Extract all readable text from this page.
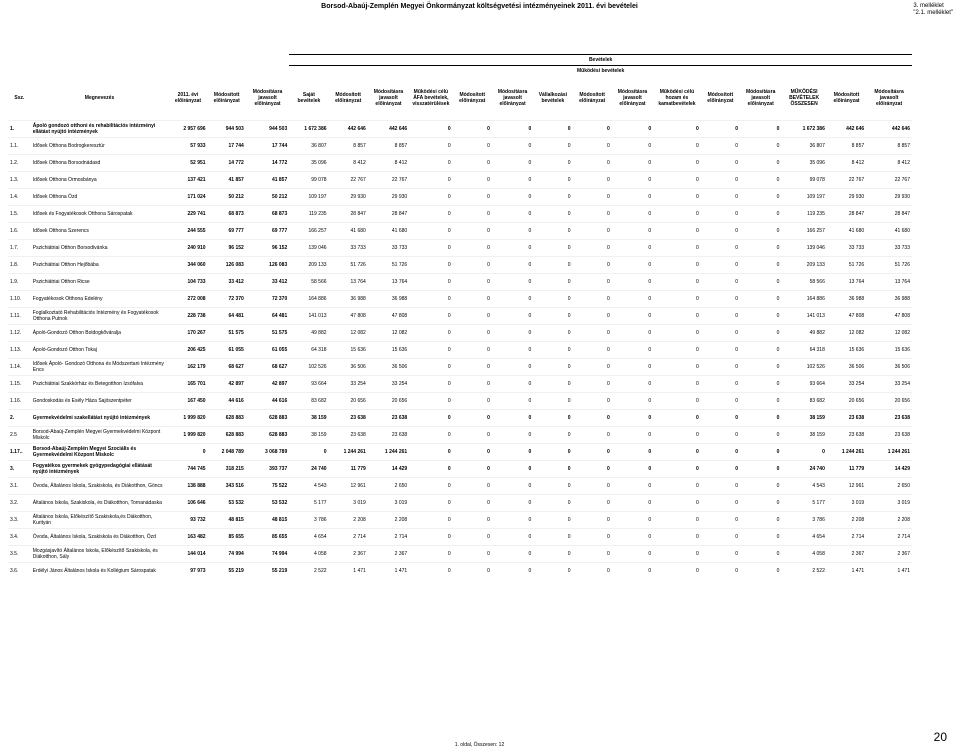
Borsod-Abaúj-Zemplén Megyei Önkormányzat költségvetési intézményeinek 2011. évi bevételei	3. melléklet
"2.1. melléklet"
					Bevételek														
					Működési bevételek														
Ssz.	Megnevezés	2011. évi előirányzat	Módosított előirányzat	Módosításra javasolt előirányzat	Saját bevételek	Módosított előirányzat	Módosításra javasolt előirányzat	Működési célú ÁFA bevételek, visszatérülések	Módosított előirányzat	Módosításra javasolt előirányzat	Vállalkozási bevételek	Módosított előirányzat	Módosításra javasolt előirányzat	Működési célú hozam és kamatbevételek	Módosított előirányzat	Módosításra javasolt előirányzat	MŰKÖDÉSI BEVÉTELEK ÖSSZESEN	Módosított előirányzat	Módosításra javasolt előirányzat
1.	Ápoló gondozó otthoni és rehabilitációs intézményi ellátást nyújtó intézmények	2 957 696	944 503	944 503	1 672 386	442 646	442 646	0	0	0	0	0	0	0	0	0	1 672 386	442 646	442 646
1.1.	Idősek Otthona Bodrogkeresztúr	57 933	17 744	17 744	36 807	8 857	8 857	0	0	0	0	0	0	0	0	0	36 807	8 857	8 857
1.2.	Idősek Otthona Borsodnádasd	52 951	14 772	14 772	35 096	8 412	8 412	0	0	0	0	0	0	0	0	0	35 096	8 412	8 412
1.3.	Idősek Otthona Ormosbánya	137 421	41 857	41 857	99 078	22 767	22 767	0	0	0	0	0	0	0	0	0	99 078	22 767	22 767
1.4.	Idősek Otthona Ózd	171 024	50 212	50 212	109 197	29 930	29 930	0	0	0	0	0	0	0	0	0	109 197	29 930	29 930
1.5.	Idősek és Fogyatékosok Otthona Sárospatak	229 741	68 873	68 873	119 235	28 847	28 847	0	0	0	0	0	0	0	0	0	119 235	28 847	28 847
1.6.	Idősek Otthona Szerencs	244 555	69 777	69 777	166 257	41 680	41 680	0	0	0	0	0	0	0	0	0	166 257	41 680	41 680
1.7.	Pszichiátriai Otthon Borsodivánka	240 910	96 152	96 152	139 046	33 733	33 733	0	0	0	0	0	0	0	0	0	139 046	33 733	33 733
1.8.	Pszichiátriai Otthon Hejőbába	344 060	126 083	126 083	209 133	51 726	51 726	0	0	0	0	0	0	0	0	0	209 133	51 726	51 726
1.9.	Pszichiátriai Otthon Ricse	104 733	33 412	33 412	58 566	13 764	13 764	0	0	0	0	0	0	0	0	0	58 566	13 764	13 764
1.10.	Fogyatékosok Otthona Edelény	272 008	72 370	72 370	164 886	36 988	36 988	0	0	0	0	0	0	0	0	0	164 886	36 988	36 988
1.11.	Foglalkoztató Rehabilitációs Intézmény és Fogyatékosok Otthona Putnok	228 738	64 481	64 481	141 013	47 808	47 808	0	0	0	0	0	0	0	0	0	141 013	47 808	47 808
1.12.	Ápoló-Gondozó Otthon Boldogkőváralja	170 267	51 575	51 575	49 882	12 082	12 082	0	0	0	0	0	0	0	0	0	49 882	12 082	12 082
1.13.	Ápoló-Gondozó Otthon Tokaj	206 425	61 055	61 055	64 318	15 636	15 636	0	0	0	0	0	0	0	0	0	64 318	15 636	15 636
1.14.	Idősek Ápoló- Gondozó Otthona és Módszertani Intézmény Encs	162 179	68 627	68 627	102 526	36 506	36 506	0	0	0	0	0	0	0	0	0	102 526	36 506	36 506
1.15.	Pszichiátriai Szakkórház és Betegotthon Izsófalva	165 701	42 897	42 897	93 664	33 254	33 254	0	0	0	0	0	0	0	0	0	93 664	33 254	33 254
1.16.	Gondoskodás és Esély Háza Sajószentpéter	167 450	44 616	44 616	83 682	20 656	20 656	0	0	0	0	0	0	0	0	0	83 682	20 656	20 656
2.	Gyermekvédelmi szakellátást nyújtó intézmények	1 999 820	628 883	628 883	38 159	23 638	23 638	0	0	0	0	0	0	0	0	0	38 159	23 638	23 638
2.5	Borsod-Abaúj-Zemplén Megyei Gyermekvédelmi Központ Miskolc	1 999 820	628 883	628 883	38 159	23 638	23 638	0	0	0	0	0	0	0	0	0	38 159	23 638	23 638
1.17..	Borsod-Abaúj-Zemplén Megyei Szociális és Gyermekvédelmi Központ Miskolc	0	2 048 789	3 068 789	0	1 244 261	1 244 261	0	0	0	0	0	0	0	0	0	0	1 244 261	1 244 261
3.	Fogyatékos gyermekek gyógypedagógiai ellátását nyújtó intézmények	744 745	318 215	393 737	24 740	11 779	14 429	0	0	0	0	0	0	0	0	0	24 740	11 779	14 429
3.1.	Óvoda, Általános Iskola, Szakiskola, és Diákotthon, Göncs	138 888	343 516	75 522	4 543	12 961	2 650	0	0	0	0	0	0	0	0	0	4 543	12 961	2 650
3.2.	Általános Iskola, Szakiskola, és Diákotthon, Tornanádaska	106 646	53 532	53 532	5 177	3 019	3 019	0	0	0	0	0	0	0	0	0	5 177	3 019	3 019
3.3.	Általános Iskola, Előkészítő Szakiskola,és Diákotthon, Kurityán	93 732	48 815	48 815	3 786	2 208	2 208	0	0	0	0	0	0	0	0	0	3 786	2 208	2 208
3.4.	Óvoda, Általános Iskola, Szakiskola és Diákotthon, Ózd	163 482	85 655	85 655	4 654	2 714	2 714	0	0	0	0	0	0	0	0	0	4 654	2 714	2 714
3.5.	Mozgásjavító Általános Iskola, Előkészítő Szakiskola, és Diákotthon, Sály	144 014	74 994	74 994	4 058	2 367	2 367	0	0	0	0	0	0	0	0	0	4 058	2 367	2 367
3.6.	Erdélyi János Általános Iskola és Kollégium Sárospatak	97 973	55 219	55 219	2 522	1 471	1 471	0	0	0	0	0	0	0	0	0	2 522	1 471	1 471
1. oldal, Összesen: 12
20
